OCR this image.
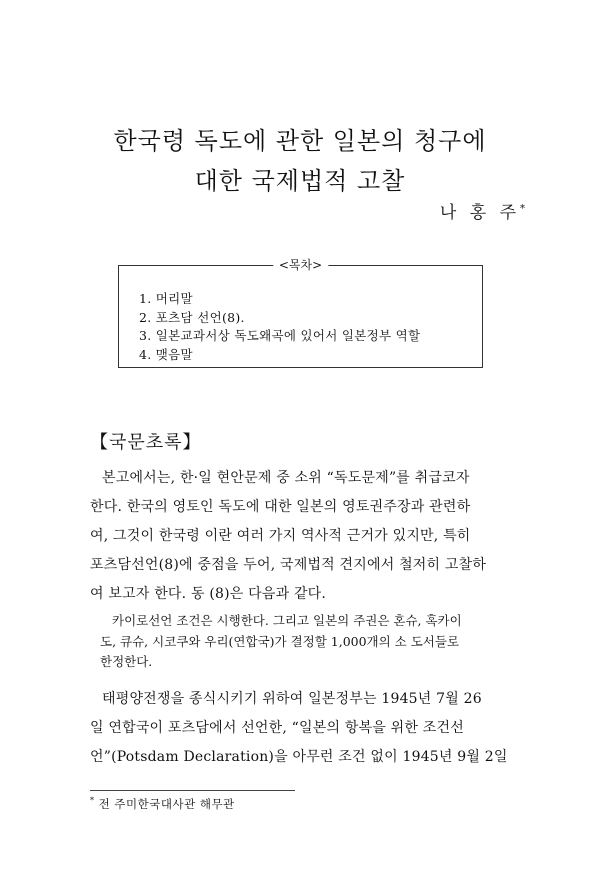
한국령 독도에 관한 일본의 청구에
대한 국제법적 고찰
나 홍 주*
<목차>
1. 머리말
2. 포츠담 선언(8).
3. 일본교과서상 독도왜곡에 있어서 일본정부 역할
4. 맺음말
【국문초록】
본고에서는, 한·일 현안문제 중 소위 “독도문제”를 취급코자
한다. 한국의 영토인 독도에 대한 일본의 영토권주장과 관련하
여, 그것이 한국령 이란 여러 가지 역사적 근거가 있지만, 특히
포츠담선언(8)에 중점을 두어, 국제법적 견지에서 철저히 고찰하
여 보고자 한다. 동 (8)은 다음과 같다.
카이로선언 조건은 시행한다. 그리고 일본의 주권은 혼슈, 혹카이
도, 큐슈, 시코쿠와 우리(연합국)가 결정할 1,000개의 소 도서들로
한정한다.
태평양전쟁을 종식시키기 위하여 일본정부는 1945년 7월 26
일 연합국이 포츠담에서 선언한, “일본의 항복을 위한 조건선
언”(Potsdam Declaration)을 아무런 조건 없이 1945년 9월 2일
* 전 주미한국대사관 해무관
